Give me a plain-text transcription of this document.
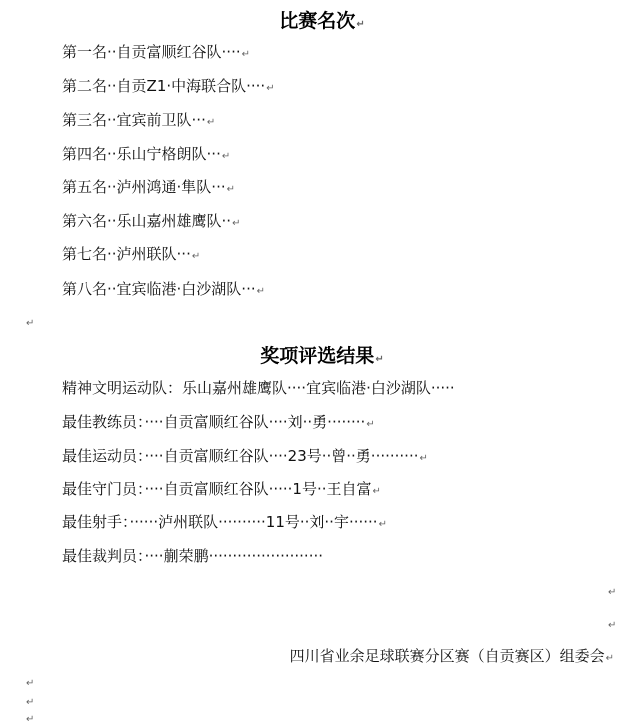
比赛名次↵
第一名··自贡富顺红谷队····↵
第二名··自贡Z1·中海联合队····↵
第三名··宜宾前卫队···↵
第四名··乐山宁格朗队···↵
第五名··泸州鸿通·隼队···↵
第六名··乐山嘉州雄鹰队··↵
第七名··泸州联队···↵
第八名··宜宾临港·白沙湖队···↵
↵
奖项评选结果↵
精神文明运动队：乐山嘉州雄鹰队····宜宾临港·白沙湖队·····
最佳教练员：····自贡富顺红谷队····刘··勇········↵
最佳运动员：····自贡富顺红谷队····23号··曾··勇··········↵
最佳守门员：····自贡富顺红谷队·····1号··王自富↵
最佳射手：······泸州联队··········11号··刘··宇······↵
最佳裁判员：····蒯荣鹏························
↵
↵
四川省业余足球联赛分区赛（自贡赛区）组委会↵
↵
↵
↵
